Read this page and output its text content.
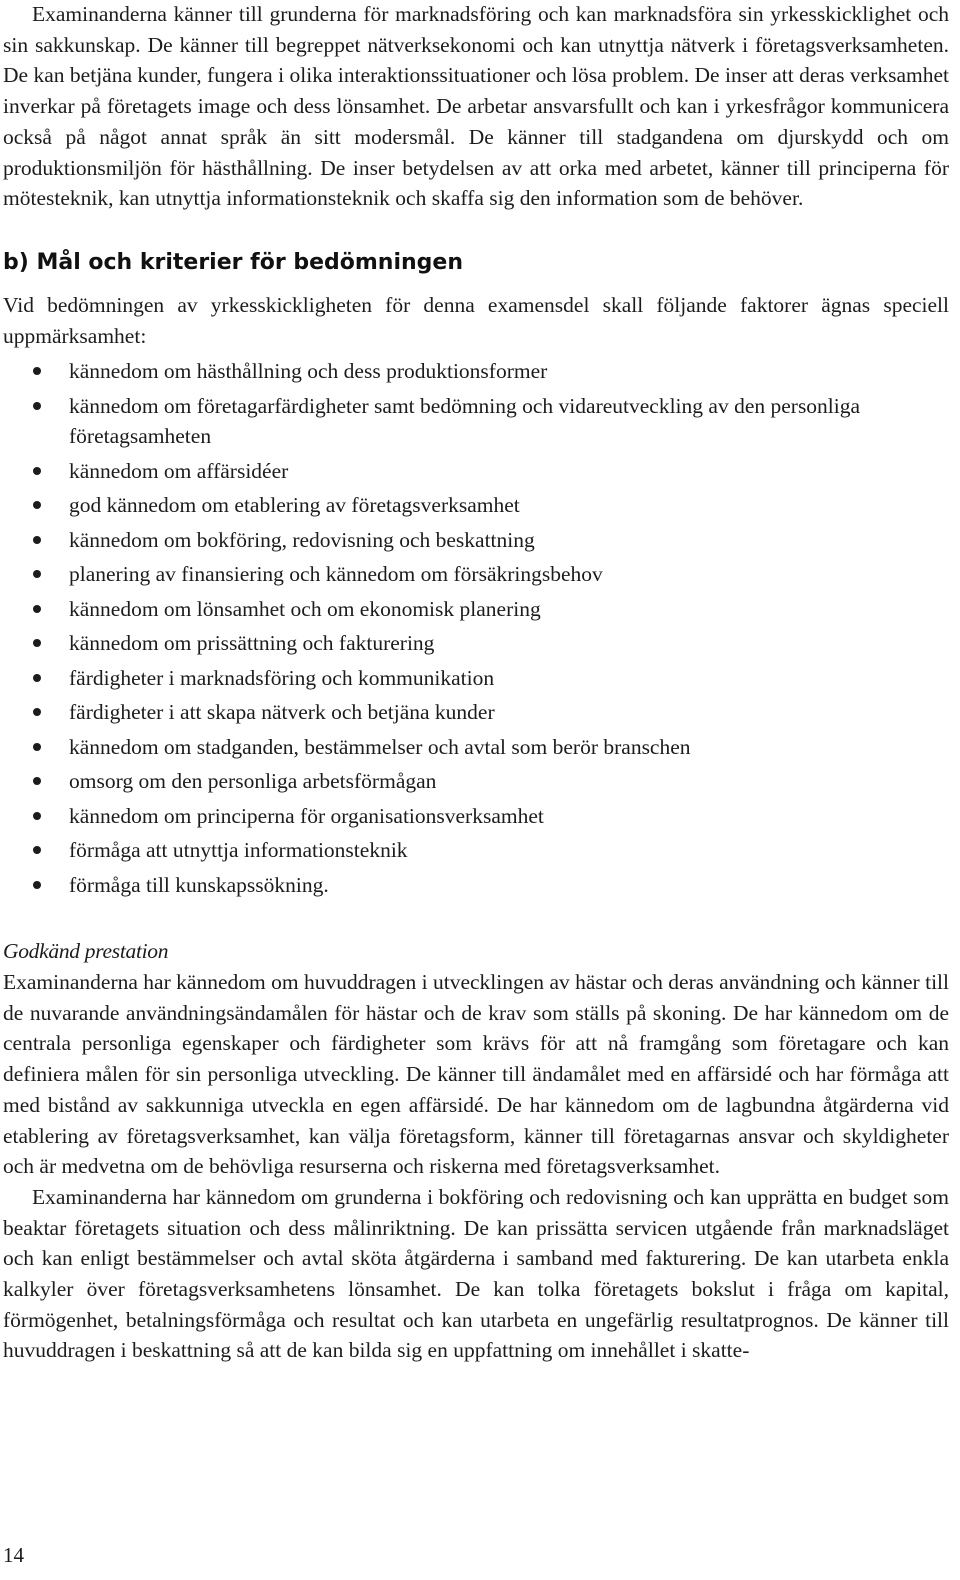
Examinanderna känner till grunderna för marknadsföring och kan marknadsföra sin yrkesskicklighet och sin sakkunskap. De känner till begreppet nätverksekonomi och kan utnyttja nätverk i företagsverksamheten. De kan betjäna kunder, fungera i olika interaktionssituationer och lösa problem. De inser att deras verksamhet inverkar på företagets image och dess lönsamhet. De arbetar ansvarsfullt och kan i yrkesfrågor kommunicera också på något annat språk än sitt modersmål. De känner till stadgandena om djurskydd och om produktionsmiljön för hästhållning. De inser betydelsen av att orka med arbetet, känner till principerna för mötesteknik, kan utnyttja informationsteknik och skaffa sig den information som de behöver.

b) Mål och kriterier för bedömningen

Vid bedömningen av yrkesskickligheten för denna examensdel skall följande faktorer ägnas speciell uppmärksamhet:

kännedom om hästhållning och dess produktionsformer
kännedom om företagarfärdigheter samt bedömning och vidareutveckling av den personliga företagsamheten
kännedom om affärsidéer
god kännedom om etablering av företagsverksamhet
kännedom om bokföring, redovisning och beskattning
planering av finansiering och kännedom om försäkringsbehov
kännedom om lönsamhet och om ekonomisk planering
kännedom om prissättning och fakturering
färdigheter i marknadsföring och kommunikation
färdigheter i att skapa nätverk och betjäna kunder
kännedom om stadganden, bestämmelser och avtal som berör branschen
omsorg om den personliga arbetsförmågan
kännedom om principerna för organisationsverksamhet
förmåga att utnyttja informationsteknik
förmåga till kunskapssökning.

Godkänd prestation

Examinanderna har kännedom om huvuddragen i utvecklingen av hästar och deras användning och känner till de nuvarande användningsändamålen för hästar och de krav som ställs på skoning. De har kännedom om de centrala personliga egenskaper och färdigheter som krävs för att nå framgång som företagare och kan definiera målen för sin personliga utveckling. De känner till ändamålet med en affärsidé och har förmåga att med bistånd av sakkunniga utveckla en egen affärsidé. De har kännedom om de lagbundna åtgärderna vid etablering av företagsverksamhet, kan välja företagsform, känner till företagarnas ansvar och skyldigheter och är medvetna om de behövliga resurserna och riskerna med företagsverksamhet.

Examinanderna har kännedom om grunderna i bokföring och redovisning och kan upprätta en budget som beaktar företagets situation och dess målinriktning. De kan prissätta servicen utgående från marknadsläget och kan enligt bestämmelser och avtal sköta åtgärderna i samband med fakturering. De kan utarbeta enkla kalkyler över företagsverksamhetens lönsamhet. De kan tolka företagets bokslut i fråga om kapital, förmögenhet, betalningsförmåga och resultat och kan utarbeta en ungefärlig resultatprognos. De känner till huvuddragen i beskattning så att de kan bilda sig en uppfattning om innehållet i skatte-

14
